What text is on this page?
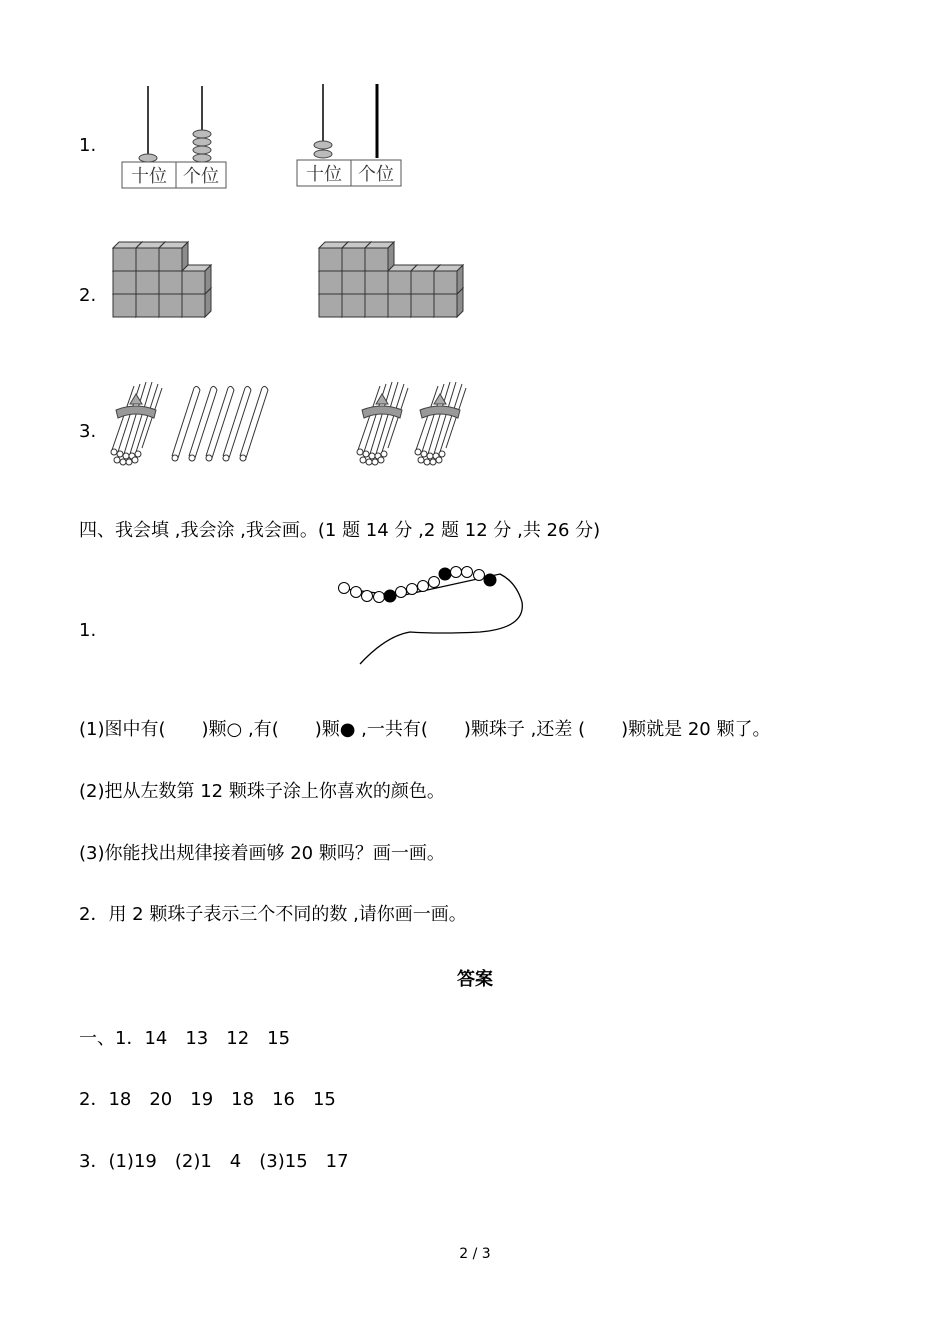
1.
十位 个位	十位 个位
2.
3.
四、我会填 ,我会涂 ,我会画。(1 题 14 分 ,2 题 12 分 ,共 26 分)
1.
(1)图中有(　　)颗○ ,有(　　)颗● ,一共有(　　)颗珠子 ,还差 (　　)颗就是 20 颗了。
(2)把从左数第 12 颗珠子涂上你喜欢的颜色。
(3)你能找出规律接着画够 20 颗吗？画一画。
2．用 2 颗珠子表示三个不同的数 ,请你画一画。
答案
一、1．14　13　12　15
2．18　20　19　18　16　15
3．(1)19　(2)1　4　(3)15　17
2 / 3
